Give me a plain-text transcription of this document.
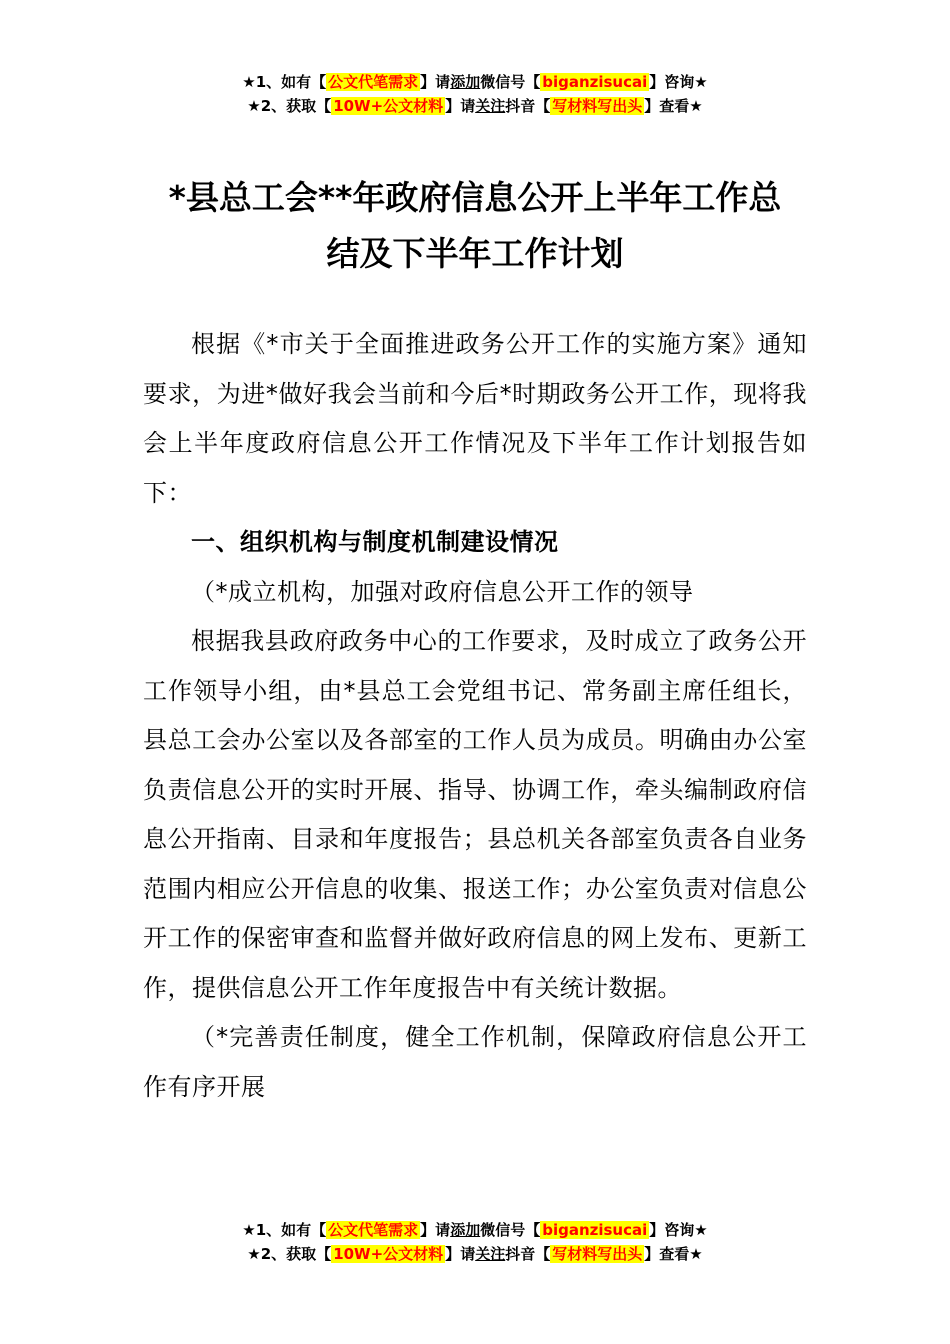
★1、如有【 公文代笔需求 】请添加微信号【 biganzisucai 】咨询★
★2、获取【 10W+公文材料 】请关注抖音【 写材料写出头 】查看★
*县总工会**年政府信息公开上半年工作总
结及下半年工作计划

根据《*市关于全面推进政务公开工作的实施方案》通知要求，为进*做好我会当前和今后*时期政务公开工作，现将我会上半年度政府信息公开工作情况及下半年工作计划报告如下：

一、组织机构与制度机制建设情况

（*成立机构，加强对政府信息公开工作的领导

根据我县政府政务中心的工作要求，及时成立了政务公开工作领导小组，由*县总工会党组书记、常务副主席任组长，县总工会办公室以及各部室的工作人员为成员。明确由办公室负责信息公开的实时开展、指导、协调工作，牵头编制政府信息公开指南、目录和年度报告；县总机关各部室负责各自业务范围内相应公开信息的收集、报送工作；办公室负责对信息公开工作的保密审查和监督并做好政府信息的网上发布、更新工作，提供信息公开工作年度报告中有关统计数据。

（*完善责任制度，健全工作机制，保障政府信息公开工作有序开展

★1、如有【 公文代笔需求 】请添加微信号【 biganzisucai 】咨询★
★2、获取【 10W+公文材料 】请关注抖音【 写材料写出头 】查看★
